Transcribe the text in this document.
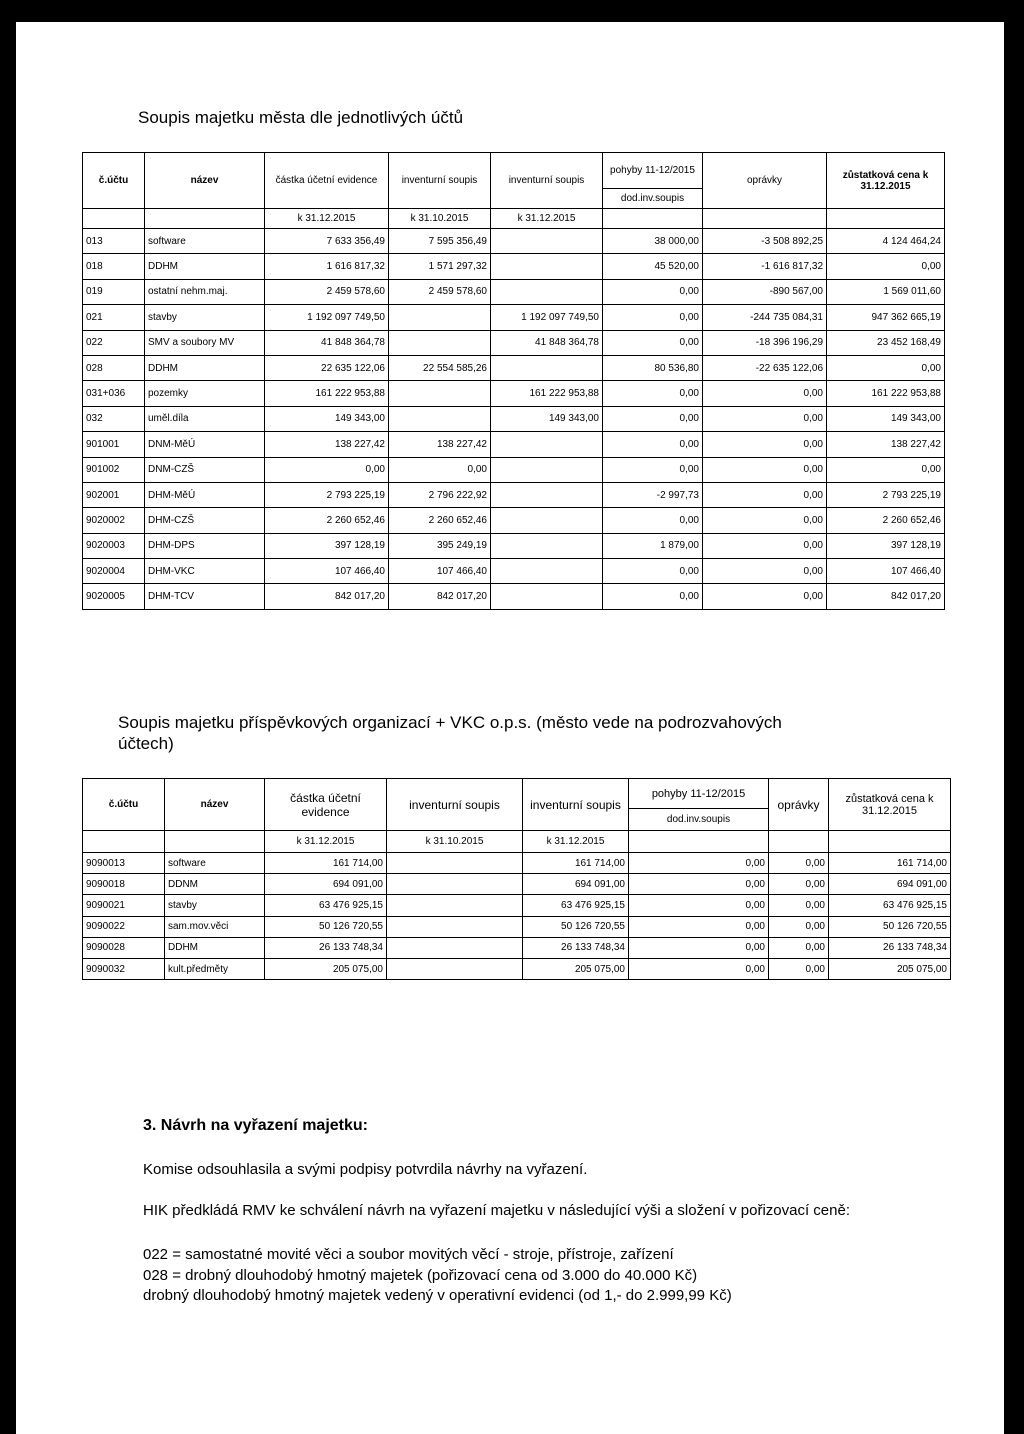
Soupis majetku města dle jednotlivých účtů
č.účtu	název	částka účetní evidence	inventurní soupis	inventurní soupis	pohyby 11-12/2015	oprávky	zůstatková cena k 31.12.2015
					dod.inv.soupis		
		k 31.12.2015	k 31.10.2015	k 31.12.2015			
013	software	7 633 356,49	7 595 356,49		38 000,00	-3 508 892,25	4 124 464,24
018	DDHM	1 616 817,32	1 571 297,32		45 520,00	-1 616 817,32	0,00
019	ostatní nehm.maj.	2 459 578,60	2 459 578,60		0,00	-890 567,00	1 569 011,60
021	stavby	1 192 097 749,50		1 192 097 749,50	0,00	-244 735 084,31	947 362 665,19
022	SMV a soubory MV	41 848 364,78		41 848 364,78	0,00	-18 396 196,29	23 452 168,49
028	DDHM	22 635 122,06	22 554 585,26		80 536,80	-22 635 122,06	0,00
031+036	pozemky	161 222 953,88		161 222 953,88	0,00	0,00	161 222 953,88
032	uměl.díla	149 343,00		149 343,00	0,00	0,00	149 343,00
901001	DNM-MěÚ	138 227,42	138 227,42		0,00	0,00	138 227,42
901002	DNM-CZŠ	0,00	0,00		0,00	0,00	0,00
902001	DHM-MěÚ	2 793 225,19	2 796 222,92		-2 997,73	0,00	2 793 225,19
9020002	DHM-CZŠ	2 260 652,46	2 260 652,46		0,00	0,00	2 260 652,46
9020003	DHM-DPS	397 128,19	395 249,19		1 879,00	0,00	397 128,19
9020004	DHM-VKC	107 466,40	107 466,40		0,00	0,00	107 466,40
9020005	DHM-TCV	842 017,20	842 017,20		0,00	0,00	842 017,20
Soupis majetku příspěvkových organizací + VKC o.p.s. (město vede na podrozvahových účtech)
č.účtu	název	částka účetní evidence	inventurní soupis	inventurní soupis	pohyby 11-12/2015	oprávky	zůstatková cena k 31.12.2015
					dod.inv.soupis		
		k 31.12.2015	k 31.10.2015	k 31.12.2015			
9090013	software	161 714,00		161 714,00	0,00	0,00	161 714,00
9090018	DDNM	694 091,00		694 091,00	0,00	0,00	694 091,00
9090021	stavby	63 476 925,15		63 476 925,15	0,00	0,00	63 476 925,15
9090022	sam.mov.věci	50 126 720,55		50 126 720,55	0,00	0,00	50 126 720,55
9090028	DDHM	26 133 748,34		26 133 748,34	0,00	0,00	26 133 748,34
9090032	kult.předměty	205 075,00		205 075,00	0,00	0,00	205 075,00
3. Návrh na vyřazení majetku:
Komise odsouhlasila a svými podpisy potvrdila návrhy na vyřazení.
HIK předkládá RMV ke schválení návrh na vyřazení majetku v následující výši a složení v pořizovací ceně:
022 = samostatné movité věci a soubor movitých věcí - stroje, přístroje, zařízení
028 = drobný dlouhodobý hmotný majetek (pořizovací cena od 3.000 do 40.000 Kč)
drobný dlouhodobý hmotný majetek vedený v operativní evidenci (od 1,- do 2.999,99 Kč)
